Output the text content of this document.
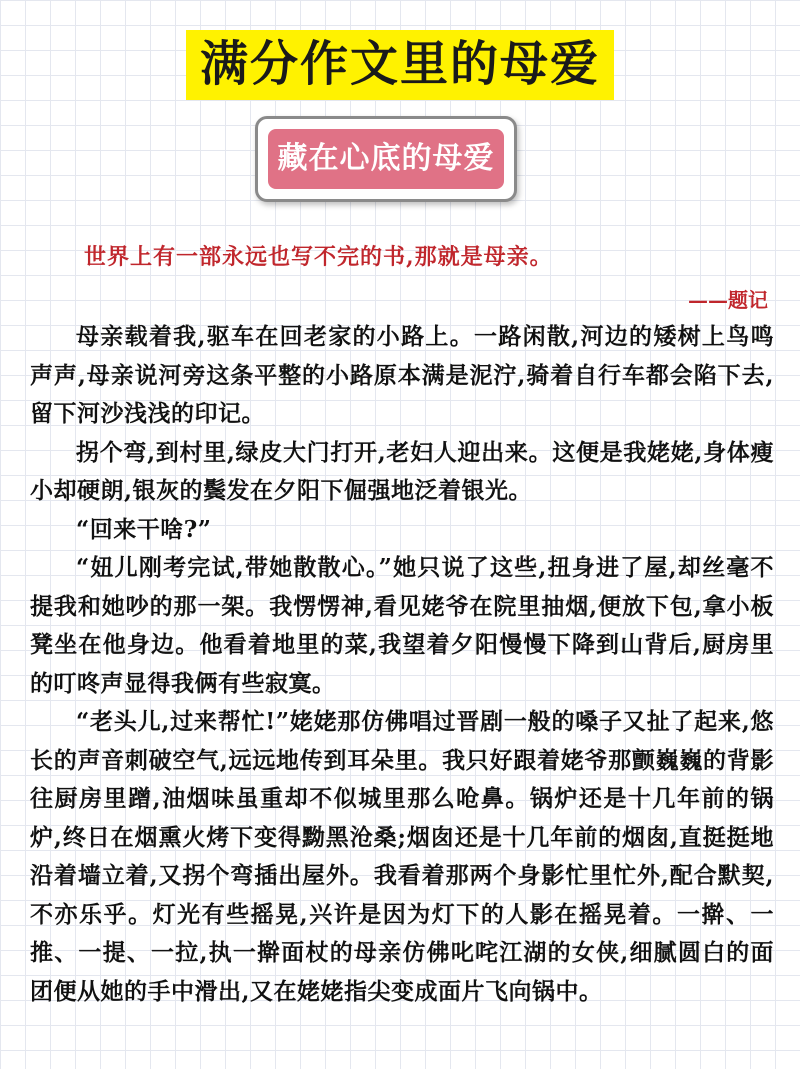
满分作文里的母爱
藏在心底的母爱
世界上有一部永远也写不完的书,那就是母亲。
——题记

母亲载着我,驱车在回老家的小路上。一路闲散,河边的矮树上鸟鸣声声,母亲说河旁这条平整的小路原本满是泥泞,骑着自行车都会陷下去,留下河沙浅浅的印记。

拐个弯,到村里,绿皮大门打开,老妇人迎出来。这便是我姥姥,身体瘦小却硬朗,银灰的鬓发在夕阳下倔强地泛着银光。

“回来干啥?”

“妞儿刚考完试,带她散散心。”她只说了这些,扭身进了屋,却丝毫不提我和她吵的那一架。我愣愣神,看见姥爷在院里抽烟,便放下包,拿小板凳坐在他身边。他看着地里的菜,我望着夕阳慢慢下降到山背后,厨房里的叮咚声显得我俩有些寂寞。

“老头儿,过来帮忙!”姥姥那仿佛唱过晋剧一般的嗓子又扯了起来,悠长的声音刺破空气,远远地传到耳朵里。我只好跟着姥爷那颤巍巍的背影往厨房里蹭,油烟味虽重却不似城里那么呛鼻。锅炉还是十几年前的锅炉,终日在烟熏火烤下变得黝黑沧桑;烟囱还是十几年前的烟囱,直挺挺地沿着墙立着,又拐个弯插出屋外。我看着那两个身影忙里忙外,配合默契,不亦乐乎。灯光有些摇晃,兴许是因为灯下的人影在摇晃着。一擀、一推、一提、一拉,执一擀面杖的母亲仿佛叱咤江湖的女侠,细腻圆白的面团便从她的手中滑出,又在姥姥指尖变成面片飞向锅中。
